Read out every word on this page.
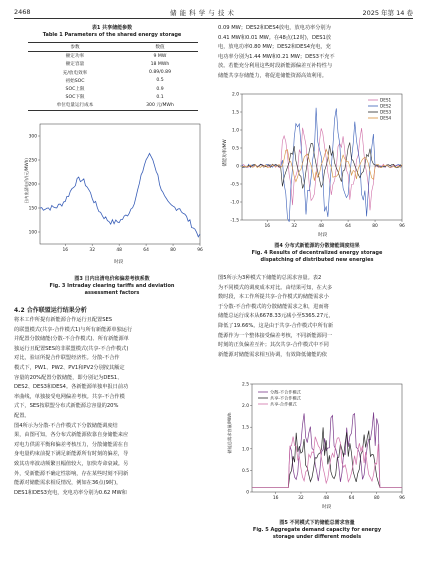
2468	储 能 科 学 与 技 术	2025 年第 14 卷
表1 共享储能参数
Table 1 Parameters of the shared energy storage
参数	数值
额定功率	9 MW
额定容量	18 MWh
充/放电效率	0.89/0.89
初始SOC	0.5
SOC上限	0.9
SOC下限	0.1
单位电量运行成本	300 元/MWh
16	32	48	64	80	96
100
150
200
250
300
日内出清电价/(元/MWh)
时段
图3 日内出清电价和偏差考核系数
Fig. 3 Intraday clearing tariffs and deviation
assessment factors
4.2 合作联盟运行结果分析
将本工作所提有新能源合作运行且配置SES
的联盟模式(共享-合作模式1)与所有新能源单独运行
并配置分散储能(分散-不合作模式)、所有新能源单
独运行且配置SES的非联盟模式(共享-不合作模式)
对比，验证所提合作联盟经济性。分散-不合作
模式下，PW1、PW2、PV1和PV2分别按其额定
容量的20%配置分散储能，即分别记为DES1、
DES2、DES3和DES4。各新能源单独申报日前功
率曲线，单独接受电网偏差考核。共享-不合作模
式下，SES按联盟分布式新能源总容量的20%
配置。
图4所示为分散-不合作模式下分散储能调度结
果，由图可知，各分布式新能源依靠自身储能来应
对电力供需平衡和偏差考核压力，分散储能需在自
身电量约束前提下满足新能源所有时刻的偏差，导
致其功率波动频繁且幅值较大，加快寿命衰减。另
外，受新能源不确定性影响，存在某些时刻不同新
能源对储能需求相反情况，例如在36点(9时)，
DES1和DES3充电，充电功率分别为0.62 MW和
0.09 MW；DES2和DES4放电，放电功率分别为
0.41 MW和0.01 MW。在48点(12时)，DES1放
电，放电功率0.80 MW；DES2和DES4充电，充
电功率分别为1.44 MW和0.21 MW；DES3不充不
放。若能充分利用这些时段新能源偏差互补特性与
储能共享存储能力，将促进储能资源高效利用。
16	32	48	64	80	96
2.0
1.5
1.0
0.5
0
-0.5
-1.0
-1.5
DES1
DES2
DES3
DES4
储能功率/MW
时段
图4 分布式新能源的分散储能调度结果
Fig. 4 Results of decentralized energy storage
dispatching of distributed new energies
图5所示为3种模式下储能的总需求容量。表2
为不同模式的调度成本对比。由结果可知，在大多
数时段，本工作所提共享-合作模式的储能需求小
于分散-不合作模式的分散储能需求之和，进而将
储能总运行成本从6678.33元减小至5365.27元，
降低了19.66%。这是由于共享-合作模式中所有新
能源作为一个整体接受偏差考核，不同新能源同一
时刻的正负偏差互补；其次共享-合作模式中不同
新能源对储能需求相互协调，有效降低储能的依
16	32	48	64	80	96
2.5
2.0
1.5
1.0
0.5
0
分散-不合作模式
共享-不合作模式
共享-合作模式
储能总需求容量/MWh
时段
图5 不同模式下的储能总需求容量
Fig. 5 Aggregate demand capacity for energy
storage under different models
